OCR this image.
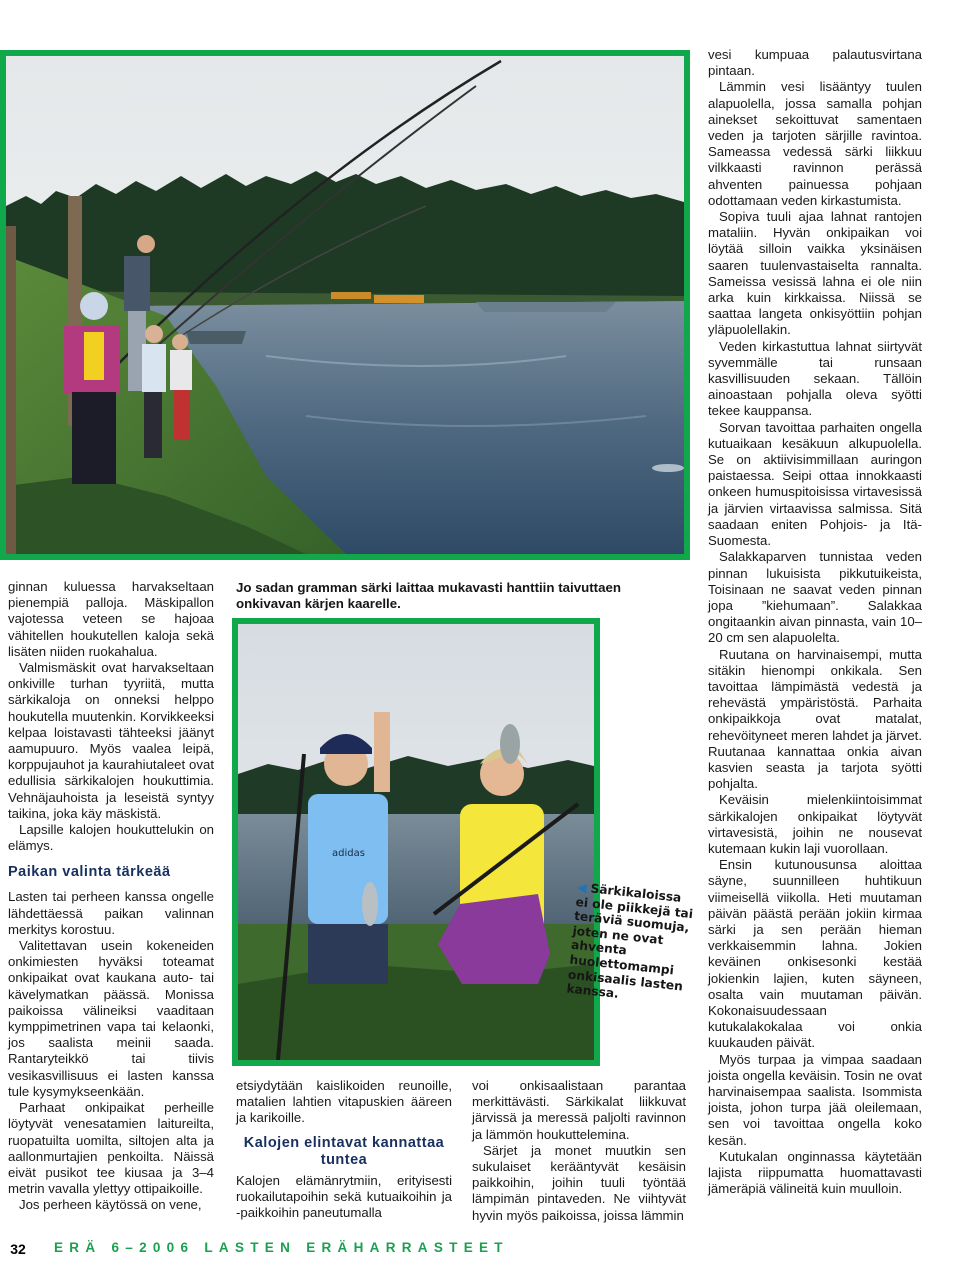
ginnan kuluessa harvakseltaan pienempiä palloja. Mäskipallon vajotessa veteen se hajoaa vähitellen houkutellen kaloja sekä lisäten niiden ruokahalua.

Valmismäskit ovat harvakseltaan onkiville turhan tyyriitä, mutta särkikaloja on onneksi helppo houkutella muutenkin. Korvikkeeksi kelpaa loistavasti tähteeksi jäänyt aamupuuro. Myös vaalea leipä, korppujauhot ja kaurahiutaleet ovat edullisia särkikalojen houkuttimia. Vehnäjauhoista ja leseistä syntyy taikina, joka käy mäskistä.

Lapsille kalojen houkuttelukin on elämys.

Paikan valinta tärkeää

Lasten tai perheen kanssa ongelle lähdettäessä paikan valinnan merkitys korostuu.

Valitettavan usein kokeneiden onkimiesten hyväksi toteamat onkipaikat ovat kaukana auto- tai kävelymatkan päässä. Monissa paikoissa välineiksi vaaditaan kymppimetrinen vapa tai kelaonki, jos saalista meinii saada. Rantaryteikkö tai tiivis vesikasvillisuus ei lasten kanssa tule kysymykseenkään.

Parhaat onkipaikat perheille löytyvät venesatamien laitureilta, ruopatuilta uomilta, siltojen alta ja aallonmurtajien penkoilta. Näissä eivät pusikot tee kiusaa ja 3–4 metrin vavalla ylettyy ottipaikoille.

Jos perheen käytössä on vene,

Jo sadan gramman särki laittaa mukavasti hanttiin taivuttaen onkivavan kärjen kaarelle.
adidas
◀ Särkikaloissa ei ole piikkejä tai teräviä suomuja, joten ne ovat ahventa huolettomampi onkisaalis lasten kanssa.

etsiydytään kaislikoiden reunoille, matalien lahtien vitapuskien ääreen ja karikoille.

Kalojen elintavat kannattaa tuntea

Kalojen elämänrytmiin, erityisesti ruokailutapoihin sekä kutuaikoihin ja -paikkoihin paneutumalla

voi onkisaalistaan parantaa merkittävästi. Särkikalat liikkuvat järvissä ja meressä paljolti ravinnon ja lämmön houkuttelemina.

Särjet ja monet muutkin sen sukulaiset kerääntyvät kesäisin paikkoihin, joihin tuuli työntää lämpimän pintaveden. Ne viihtyvät hyvin myös paikoissa, joissa lämmin

vesi kumpuaa palautusvirtana pintaan.

Lämmin vesi lisääntyy tuulen alapuolella, jossa samalla pohjan ainekset sekoittuvat samentaen veden ja tarjoten särjille ravintoa. Sameassa vedessä särki liikkuu vilkkaasti ravinnon perässä ahventen painuessa pohjaan odottamaan veden kirkastumista.

Sopiva tuuli ajaa lahnat rantojen mataliin. Hyvän onkipaikan voi löytää silloin vaikka yksinäisen saaren tuulenvastaiselta rannalta. Sameissa vesissä lahna ei ole niin arka kuin kirkkaissa. Niissä se saattaa langeta onkisyöttiin pohjan yläpuolellakin.

Veden kirkastuttua lahnat siirtyvät syvemmälle tai runsaan kasvillisuuden sekaan. Tällöin ainoastaan pohjalla oleva syötti tekee kauppansa.

Sorvan tavoittaa parhaiten ongella kutuaikaan kesäkuun alkupuolella. Se on aktiivisimmillaan auringon paistaessa. Seipi ottaa innokkaasti onkeen humuspitoisissa virtavesissä ja järvien virtaavissa salmissa. Sitä saadaan eniten Pohjois- ja Itä-Suomesta.

Salakkaparven tunnistaa veden pinnan lukuisista pikkutuikeista, Toisinaan ne saavat veden pinnan jopa ”kiehumaan”. Salakkaa ongitaankin aivan pinnasta, vain 10–20 cm sen alapuolelta.

Ruutana on harvinaisempi, mutta sitäkin hienompi onkikala. Sen tavoittaa lämpimästä vedestä ja rehevästä ympäristöstä. Parhaita onkipaikkoja ovat matalat, rehevöityneet meren lahdet ja järvet. Ruutanaa kannattaa onkia aivan kasvien seasta ja tarjota syötti pohjalta.

Keväisin mielenkiintoisimmat särkikalojen onkipaikat löytyvät virtavesistä, joihin ne nousevat kutemaan kukin laji vuorollaan.

Ensin kutunousunsa aloittaa säyne, suunnilleen huhtikuun viimeisellä viikolla. Heti muutaman päivän päästä perään jokiin kirmaa särki ja sen perään hieman verkkaisemmin lahna. Jokien keväinen onkisesonki kestää jokienkin lajien, kuten säyneen, osalta vain muutaman päivän. Kokonaisuudessaan kutukalakokalaa voi onkia kuukauden päivät.

Myös turpaa ja vimpaa saadaan joista ongella keväisin. Tosin ne ovat harvinaisempaa saalista. Isommista joista, johon turpa jää oleilemaan, sen voi tavoittaa ongella koko kesän.

Kutukalan onginnassa käytetään lajista riippumatta huomattavasti jämeräpiä välineitä kuin muulloin.

32	ERÄ 6–2006 LASTEN ERÄHARRASTEET
